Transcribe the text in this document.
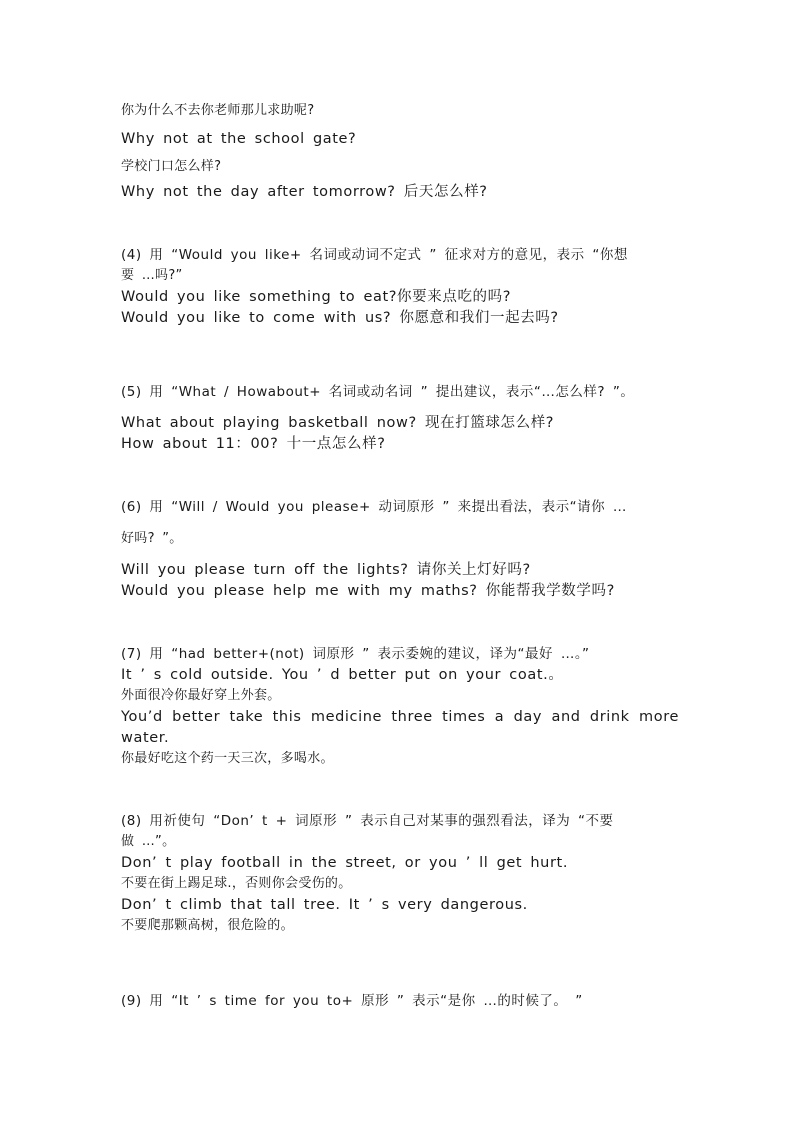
你为什么不去你老师那儿求助呢?
Why not at the school gate?
学校门口怎么样?
Why not the day after tomorrow? 后天怎么样?
(4) 用 “Would you like+ 名词或动词不定式 ” 征求对方的意见，表示 “你想
要 …吗?”
Would you like something to eat?你要来点吃的吗?
Would you like to come with us? 你愿意和我们一起去吗?
(5) 用 “What / Howabout+ 名词或动名词 ” 提出建议，表示“…怎么样? ”。
What about playing basketball now? 现在打篮球怎么样?
How about 11：00? 十一点怎么样?
(6) 用 “Will / Would you please+ 动词原形 ” 来提出看法，表示“请你 …
好吗? ”。
Will you please turn off the lights? 请你关上灯好吗?
Would you please help me with my maths? 你能帮我学数学吗?
(7) 用 “had better+(not) 词原形 ” 表示委婉的建议，译为“最好 …。”
It ’ s cold outside. You ’ d better put on your coat.。
外面很冷你最好穿上外套。
You’d better take this medicine three times a day and drink more
water.
你最好吃这个药一天三次，多喝水。
(8) 用祈使句 “Don’ t + 词原形 ” 表示自己对某事的强烈看法，译为 “不要
做 …”。
Don’ t play football in the street, or you ’ ll get hurt.
不要在街上踢足球.，否则你会受伤的。
Don’ t climb that tall tree. It ’ s very dangerous.
不要爬那颗高树，很危险的。
(9) 用 “It ’ s time for you to+ 原形 ” 表示“是你 …的时候了。 ”
